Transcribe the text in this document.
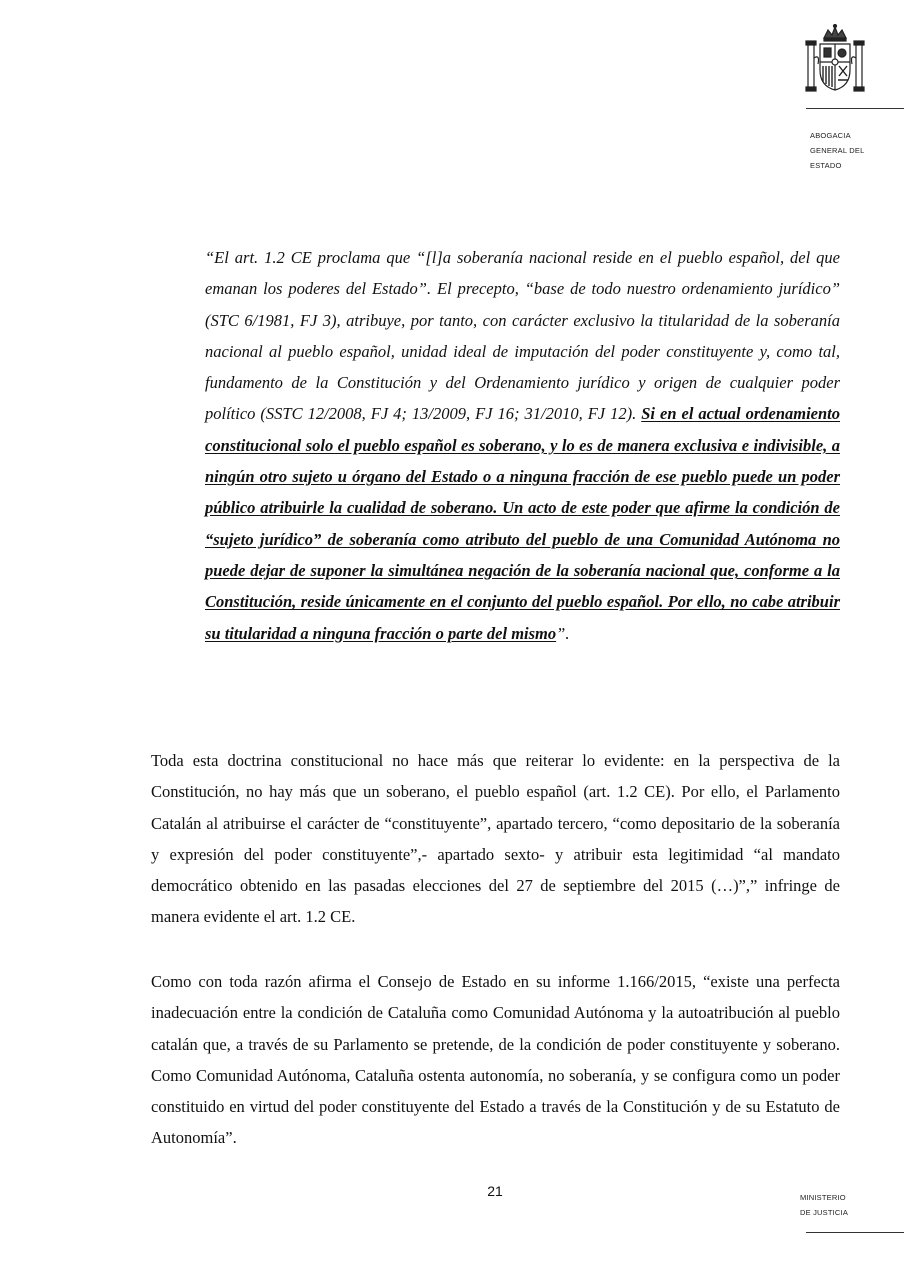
ABOGACIA
GENERAL DEL
ESTADO

“El art. 1.2 CE proclama que “[l]a soberanía nacional reside en el pueblo español, del que emanan los poderes del Estado”. El precepto, “base de todo nuestro ordenamiento jurídico” (STC 6/1981, FJ 3), atribuye, por tanto, con carácter exclusivo la titularidad de la soberanía nacional al pueblo español, unidad ideal de imputación del poder constituyente y, como tal, fundamento de la Constitución y del Ordenamiento jurídico y origen de cualquier poder político (SSTC 12/2008, FJ 4; 13/2009, FJ 16; 31/2010, FJ 12). Si en el actual ordenamiento constitucional solo el pueblo español es soberano, y lo es de manera exclusiva e indivisible, a ningún otro sujeto u órgano del Estado o a ninguna fracción de ese pueblo puede un poder público atribuirle la cualidad de soberano. Un acto de este poder que afirme la condición de “sujeto jurídico” de soberanía como atributo del pueblo de una Comunidad Autónoma no puede dejar de suponer la simultánea negación de la soberanía nacional que, conforme a la Constitución, reside únicamente en el conjunto del pueblo español. Por ello, no cabe atribuir su titularidad a ninguna fracción o parte del mismo”.

Toda esta doctrina constitucional no hace más que reiterar lo evidente: en la perspectiva de la Constitución, no hay más que un soberano, el pueblo español (art. 1.2 CE). Por ello, el Parlamento Catalán al atribuirse el carácter de “constituyente”, apartado tercero, “como depositario de la soberanía y expresión del poder constituyente”,- apartado sexto- y atribuir esta legitimidad “al mandato democrático obtenido en las pasadas elecciones del 27 de septiembre del 2015 (…)”,” infringe de manera evidente el art. 1.2 CE.

Como con toda razón afirma el Consejo de Estado en su informe 1.166/2015, “existe una perfecta inadecuación entre la condición de Cataluña como Comunidad Autónoma y la autoatribución al pueblo catalán que, a través de su Parlamento se pretende, de la condición de poder constituyente y soberano. Como Comunidad Autónoma, Cataluña ostenta autonomía, no soberanía, y se configura como un poder constituido en virtud del poder constituyente del Estado a través de la Constitución y de su Estatuto de Autonomía”.

21	MINISTERIO
DE JUSTICIA
